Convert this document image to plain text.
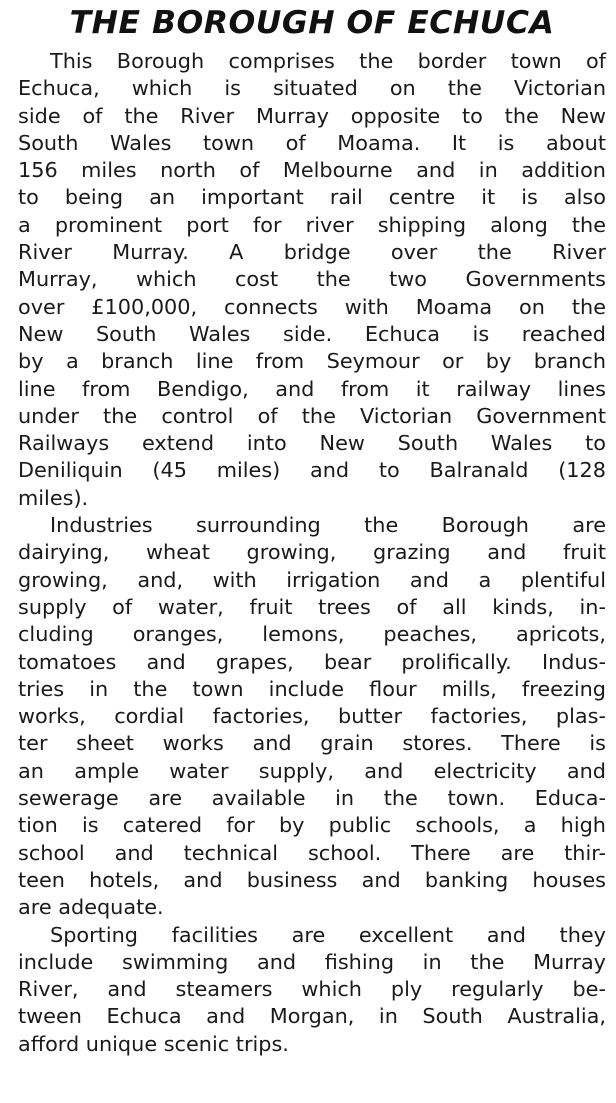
THE BOROUGH OF ECHUCA
This Borough comprises the border town of
Echuca, which is situated on the Victorian
side of the River Murray opposite to the New
South Wales town of Moama. It is about
156 miles north of Melbourne and in addition
to being an important rail centre it is also
a prominent port for river shipping along the
River Murray. A bridge over the River
Murray, which cost the two Governments
over £100,000, connects with Moama on the
New South Wales side. Echuca is reached
by a branch line from Seymour or by branch
line from Bendigo, and from it railway lines
under the control of the Victorian Government
Railways extend into New South Wales to
Deniliquin (45 miles) and to Balranald (128
miles).
Industries surrounding the Borough are
dairying, wheat growing, grazing and fruit
growing, and, with irrigation and a plentiful
supply of water, fruit trees of all kinds, in-
cluding oranges, lemons, peaches, apricots,
tomatoes and grapes, bear prolifically. Indus-
tries in the town include flour mills, freezing
works, cordial factories, butter factories, plas-
ter sheet works and grain stores. There is
an ample water supply, and electricity and
sewerage are available in the town. Educa-
tion is catered for by public schools, a high
school and technical school. There are thir-
teen hotels, and business and banking houses
are adequate.
Sporting facilities are excellent and they
include swimming and fishing in the Murray
River, and steamers which ply regularly be-
tween Echuca and Morgan, in South Australia,
afford unique scenic trips.
